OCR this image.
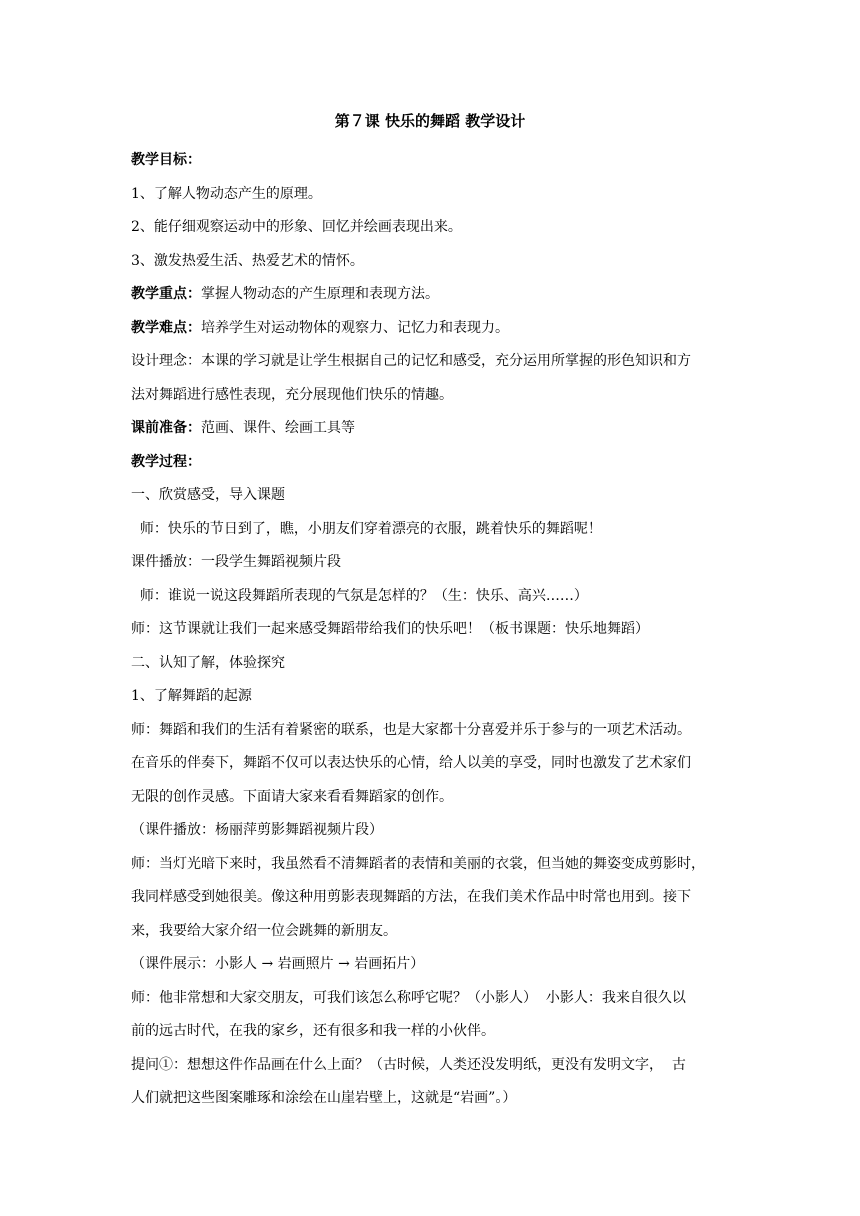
第７课 快乐的舞蹈 教学设计
教学目标：
1、了解人物动态产生的原理。
2、能仔细观察运动中的形象、回忆并绘画表现出来。
3、激发热爱生活、热爱艺术的情怀。
教学重点：掌握人物动态的产生原理和表现方法。
教学难点：培养学生对运动物体的观察力、记忆力和表现力。
设计理念：本课的学习就是让学生根据自己的记忆和感受，充分运用所掌握的形色知识和方
法对舞蹈进行感性表现，充分展现他们快乐的情趣。
课前准备：范画、课件、绘画工具等
教学过程：
一、欣赏感受，导入课题
师：快乐的节日到了，瞧，小朋友们穿着漂亮的衣服，跳着快乐的舞蹈呢！
课件播放：一段学生舞蹈视频片段
师：谁说一说这段舞蹈所表现的气氛是怎样的？（生：快乐、高兴……）
师：这节课就让我们一起来感受舞蹈带给我们的快乐吧！（板书课题：快乐地舞蹈）
二、认知了解，体验探究
1、了解舞蹈的起源
师：舞蹈和我们的生活有着紧密的联系，也是大家都十分喜爱并乐于参与的一项艺术活动。
在音乐的伴奏下，舞蹈不仅可以表达快乐的心情，给人以美的享受，同时也激发了艺术家们
无限的创作灵感。下面请大家来看看舞蹈家的创作。
（课件播放：杨丽萍剪影舞蹈视频片段）
师：当灯光暗下来时，我虽然看不清舞蹈者的表情和美丽的衣裳，但当她的舞姿变成剪影时，
我同样感受到她很美。像这种用剪影表现舞蹈的方法，在我们美术作品中时常也用到。接下
来，我要给大家介绍一位会跳舞的新朋友。
（课件展示：小影人 → 岩画照片 → 岩画拓片）
师：他非常想和大家交朋友，可我们该怎么称呼它呢？（小影人）  小影人：我来自很久以
前的远古时代，在我的家乡，还有很多和我一样的小伙伴。
提问①：想想这件作品画在什么上面？（古时候，人类还没发明纸，更没有发明文字，  古
人们就把这些图案雕琢和涂绘在山崖岩壁上，这就是“岩画”。）
